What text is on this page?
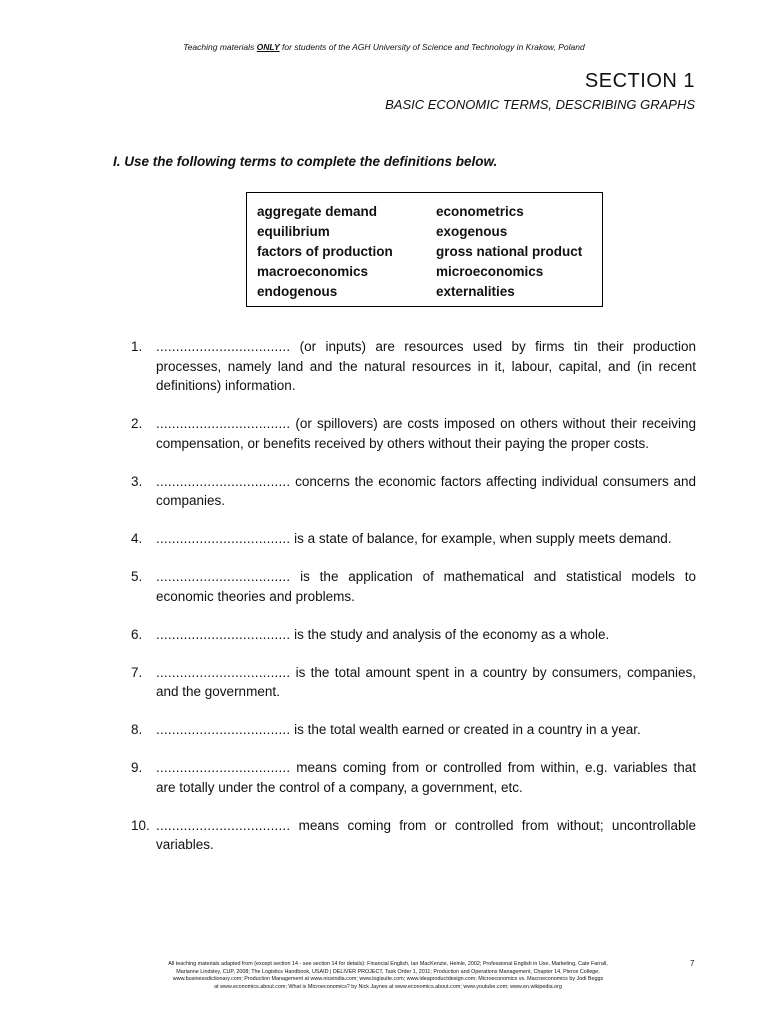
Teaching materials ONLY for students of the AGH University of Science and Technology in Krakow, Poland
SECTION 1
BASIC ECONOMIC TERMS, DESCRIBING GRAPHS
I. Use the following terms to complete the definitions below.
aggregate demand
equilibrium
factors of production
macroeconomics
endogenous
econometrics
exogenous
gross national product
microeconomics
externalities
1. .................................. (or inputs) are resources used by firms tin their production processes, namely land and the natural resources in it, labour, capital, and (in recent definitions) information.
2. .................................. (or spillovers) are costs imposed on others without their receiving compensation, or benefits received by others without their paying the proper costs.
3. .................................. concerns the economic factors affecting individual consumers and companies.
4. .................................. is a state of balance, for example, when supply meets demand.
5. .................................. is the application of mathematical and statistical models to economic theories and problems.
6. .................................. is the study and analysis of the economy as a whole.
7. .................................. is the total amount spent in a country by consumers, companies, and the government.
8. .................................. is the total wealth earned or created in a country in a year.
9. .................................. means coming from or controlled from within, e.g. variables that are totally under the control of a company, a government, etc.
10. .................................. means coming from or controlled from without; uncontrollable variables.
All teaching materials adapted from (except section 14 - see section 14 for details): Financial English, Ian MacKenzie, Heinle, 2002; Professional English in Use, Marketing, Cate Farrall,
Marianne Lindsley, CUP, 2008; The Logistics Handbook, USAID | DELIVER PROJECT, Task Order 1, 2011; Production and Operations Management, Chapter 14, Pierce College;
www.businessdictionary.com; Production Management at www.niceindia.com; www.logisuite.com; www.ideaproductdesign.com; Microeconomics vs. Macroeconomics by Jodi Beggs
at www.economics.about.com; What is Microeconomics? by Nick Jaynes at www.economics.about.com; www.youtube.com; www.en.wikipedia.org
7
